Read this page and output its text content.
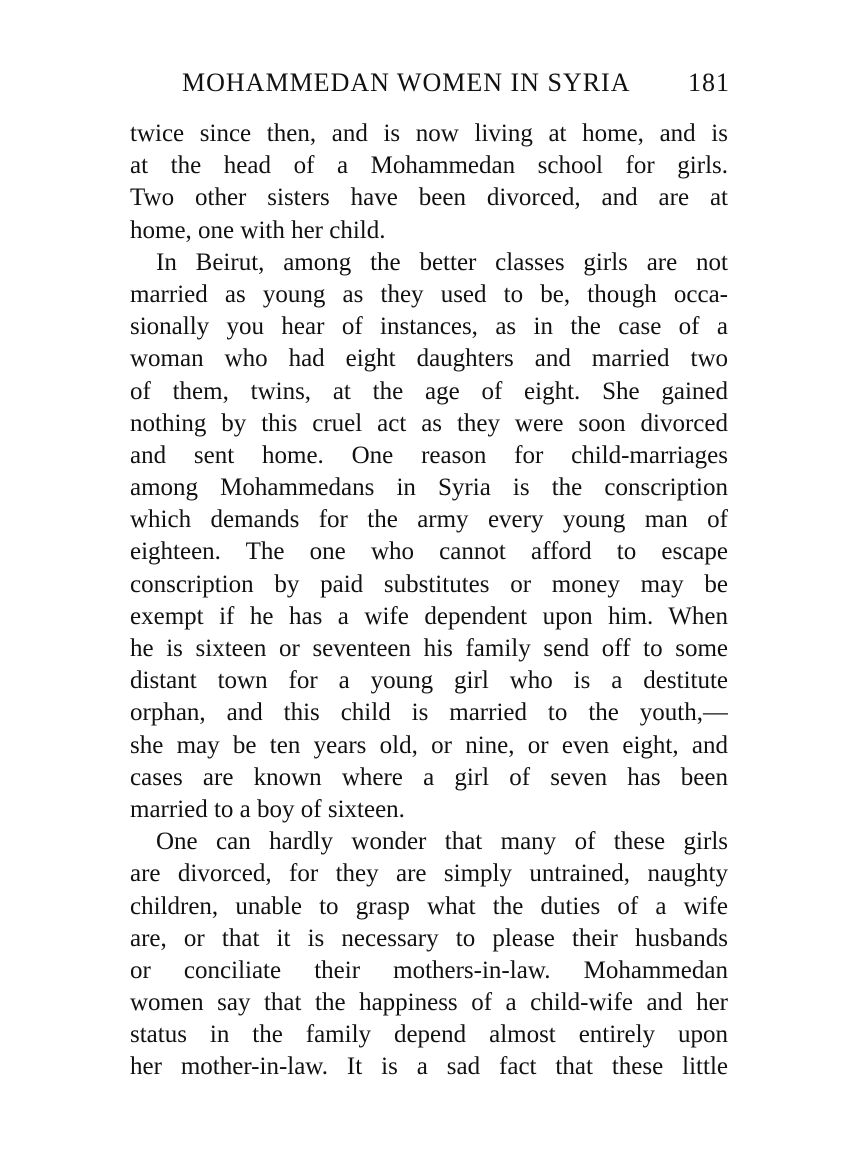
MOHAMMEDAN WOMEN IN SYRIA 181
twice since then, and is now living at home, and is
at the head of a Mohammedan school for girls.
Two other sisters have been divorced, and are at
home, one with her child.
In Beirut, among the better classes girls are not
married as young as they used to be, though occa-
sionally you hear of instances, as in the case of a
woman who had eight daughters and married two
of them, twins, at the age of eight. She gained
nothing by this cruel act as they were soon divorced
and sent home. One reason for child-marriages
among Mohammedans in Syria is the conscription
which demands for the army every young man of
eighteen. The one who cannot afford to escape
conscription by paid substitutes or money may be
exempt if he has a wife dependent upon him. When
he is sixteen or seventeen his family send off to some
distant town for a young girl who is a destitute
orphan, and this child is married to the youth,—
she may be ten years old, or nine, or even eight, and
cases are known where a girl of seven has been
married to a boy of sixteen.
One can hardly wonder that many of these girls
are divorced, for they are simply untrained, naughty
children, unable to grasp what the duties of a wife
are, or that it is necessary to please their husbands
or conciliate their mothers-in-law. Mohammedan
women say that the happiness of a child-wife and her
status in the family depend almost entirely upon
her mother-in-law. It is a sad fact that these little
